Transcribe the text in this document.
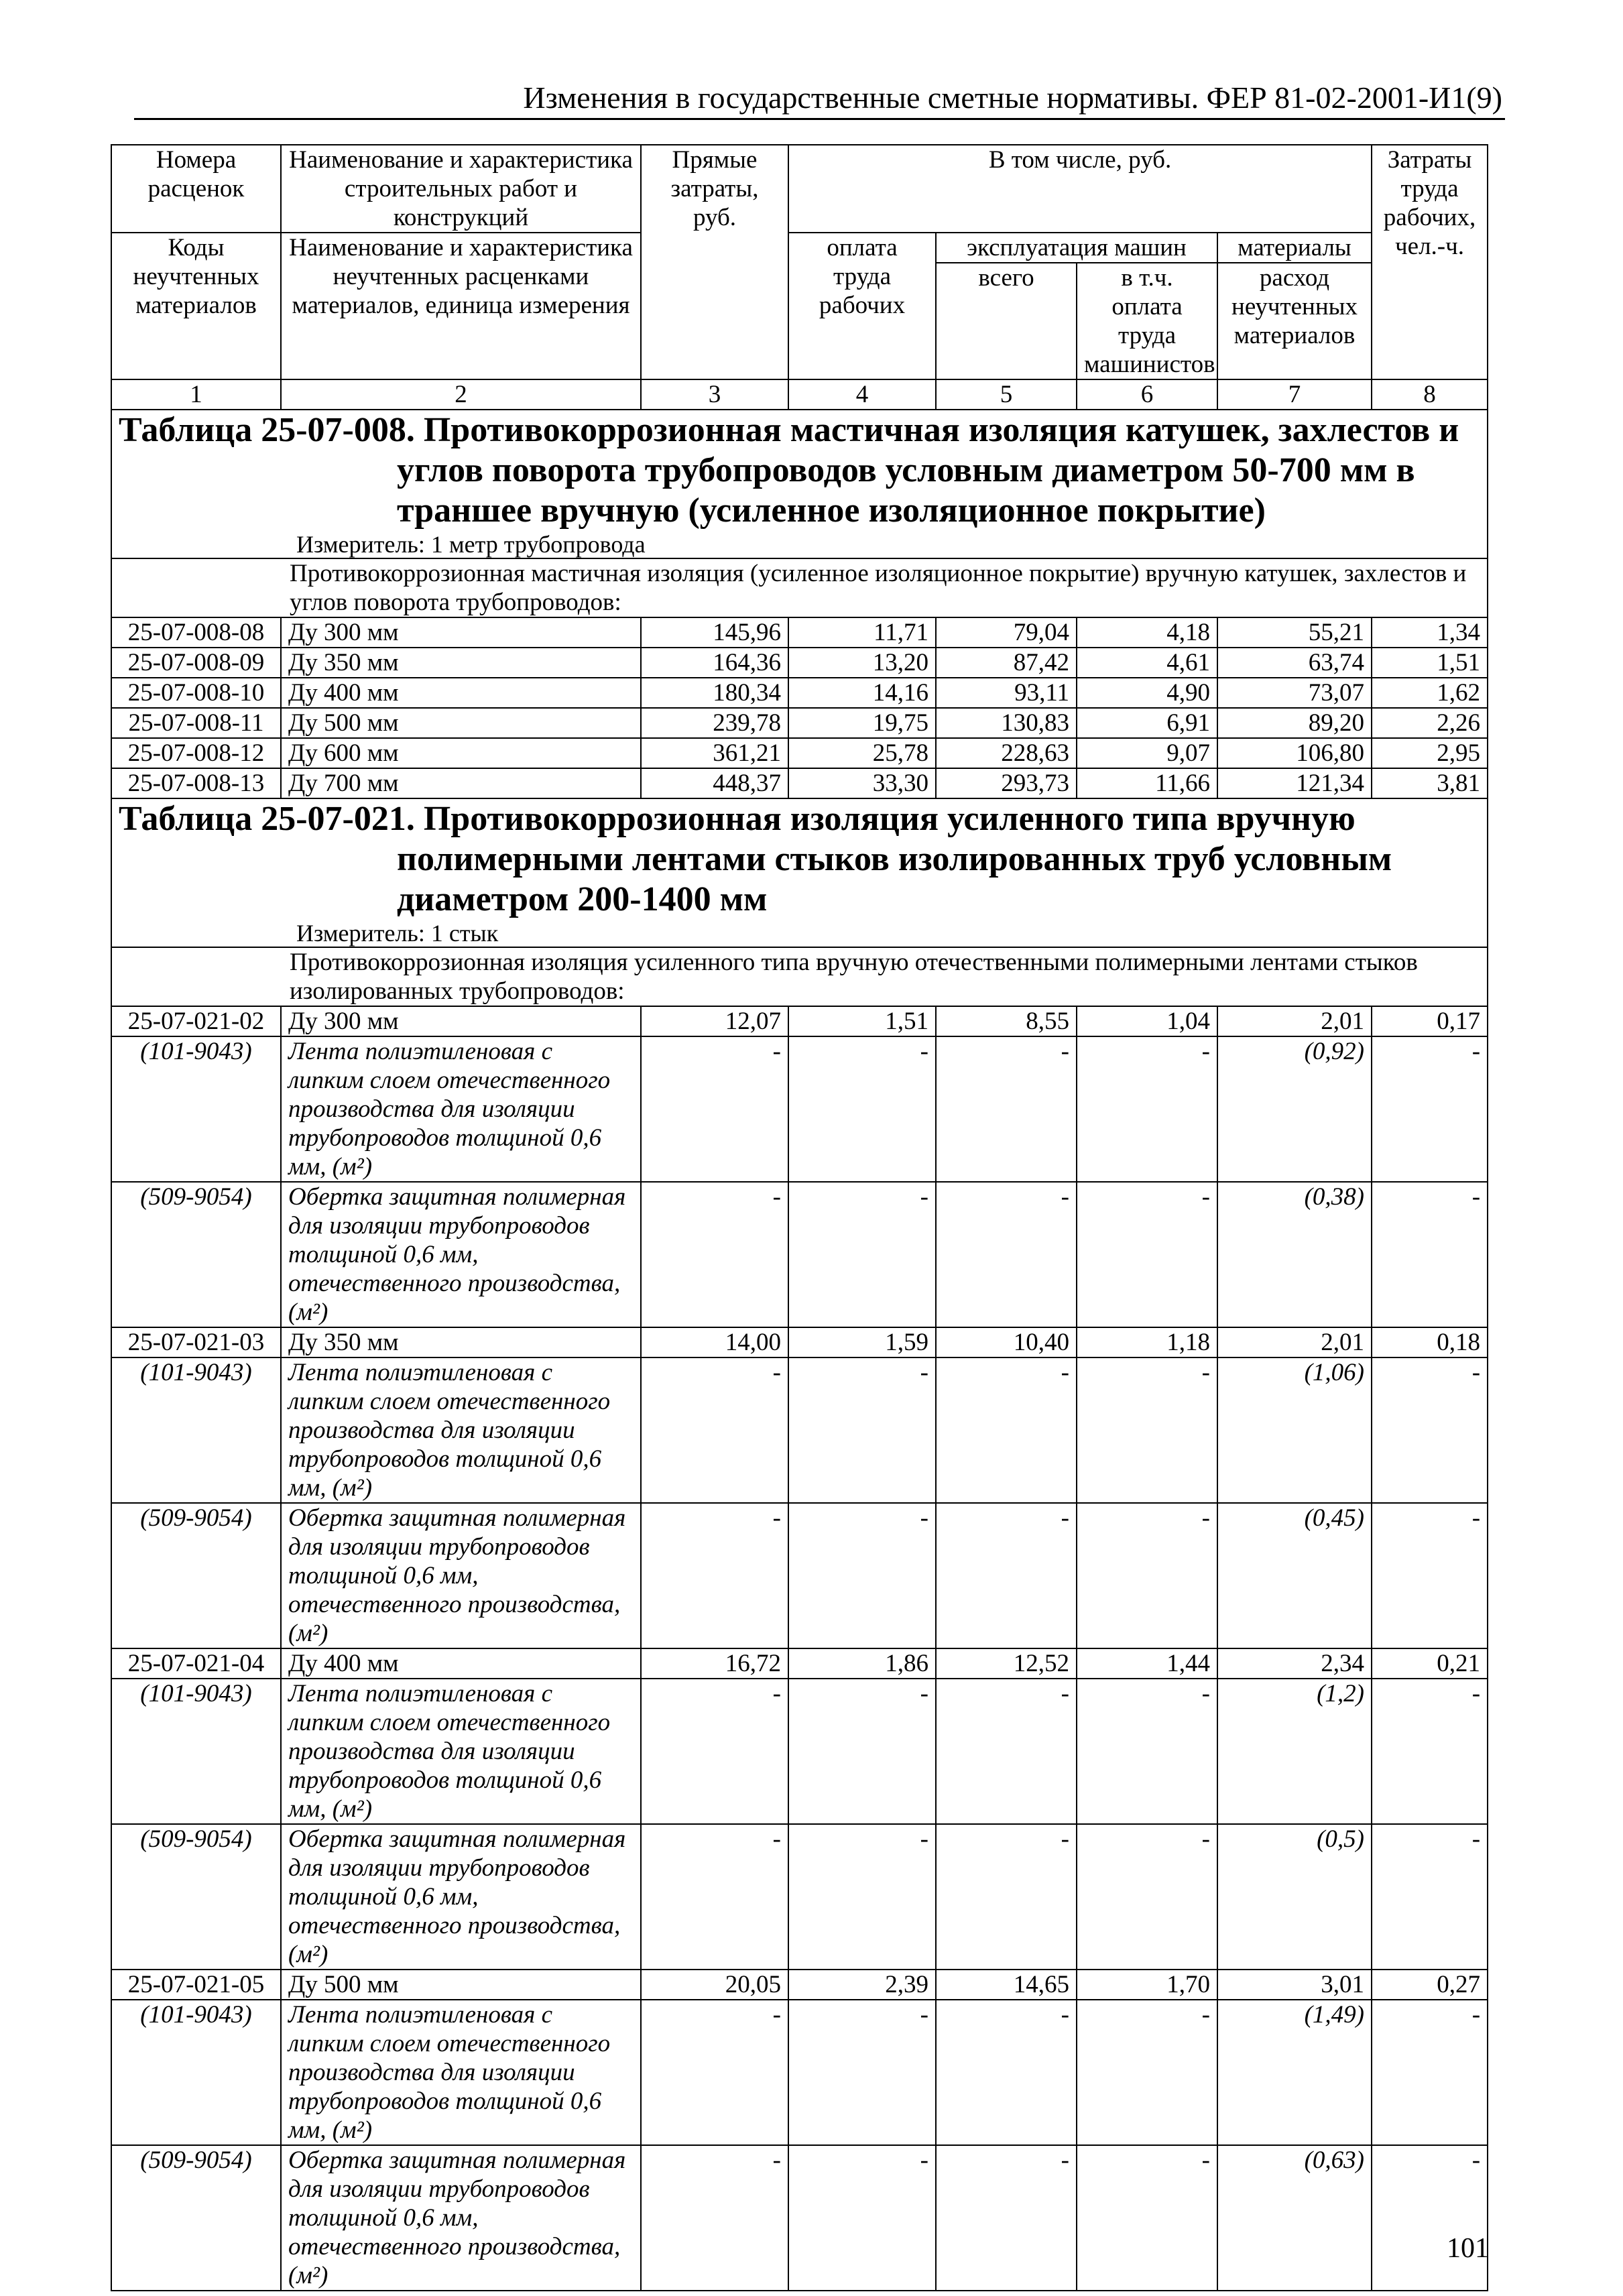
Изменения в государственные сметные нормативы. ФЕР 81-02-2001-И1(9)
Номера расценок	Наименование и характеристика строительных работ и конструкций	Прямые затраты, руб.	В том числе, руб.				Затраты труда рабочих, чел.-ч.
Коды неучтенных материалов	Наименование и характеристика неучтенных расценками материалов, единица измерения		оплата труда рабочих	эксплуатация машин		материалы	
				всего	в т.ч. оплата труда машинистов	расход неучтенных материалов	
1	2	3	4	5	6	7	8

Таблица 25-07-008. Противокоррозионная мастичная изоляция катушек, захлестов и углов поворота трубопроводов условным диаметром 50-700 мм в траншее вручную (усиленное изоляционное покрытие)
Измеритель: 1 метр трубопровода							

Противокоррозионная мастичная изоляция (усиленное изоляционное покрытие) вручную катушек, захлестов и углов поворота трубопроводов:							
25-07-008-08	Ду 300 мм	145,96	11,71	79,04	4,18	55,21	1,34
25-07-008-09	Ду 350 мм	164,36	13,20	87,42	4,61	63,74	1,51
25-07-008-10	Ду 400 мм	180,34	14,16	93,11	4,90	73,07	1,62
25-07-008-11	Ду 500 мм	239,78	19,75	130,83	6,91	89,20	2,26
25-07-008-12	Ду 600 мм	361,21	25,78	228,63	9,07	106,80	2,95
25-07-008-13	Ду 700 мм	448,37	33,30	293,73	11,66	121,34	3,81

Таблица 25-07-021. Противокоррозионная изоляция усиленного типа вручную полимерными лентами стыков изолированных труб условным диаметром 200-1400 мм
Измеритель: 1 стык							

Противокоррозионная изоляция усиленного типа вручную отечественными полимерными лентами стыков изолированных трубопроводов:							
25-07-021-02	Ду 300 мм	12,07	1,51	8,55	1,04	2,01	0,17
(101-9043)	Лента полиэтиленовая с липким слоем отечественного производства для изоляции трубопроводов толщиной 0,6 мм, (м²)	-	-	-	-	(0,92)	-
(509-9054)	Обертка защитная полимерная для изоляции трубопроводов толщиной 0,6 мм, отечественного производства, (м²)	-	-	-	-	(0,38)	-
25-07-021-03	Ду 350 мм	14,00	1,59	10,40	1,18	2,01	0,18
(101-9043)	Лента полиэтиленовая с липким слоем отечественного производства для изоляции трубопроводов толщиной 0,6 мм, (м²)	-	-	-	-	(1,06)	-
(509-9054)	Обертка защитная полимерная для изоляции трубопроводов толщиной 0,6 мм, отечественного производства, (м²)	-	-	-	-	(0,45)	-
25-07-021-04	Ду 400 мм	16,72	1,86	12,52	1,44	2,34	0,21
(101-9043)	Лента полиэтиленовая с липким слоем отечественного производства для изоляции трубопроводов толщиной 0,6 мм, (м²)	-	-	-	-	(1,2)	-
(509-9054)	Обертка защитная полимерная для изоляции трубопроводов толщиной 0,6 мм, отечественного производства, (м²)	-	-	-	-	(0,5)	-
25-07-021-05	Ду 500 мм	20,05	2,39	14,65	1,70	3,01	0,27
(101-9043)	Лента полиэтиленовая с липким слоем отечественного производства для изоляции трубопроводов толщиной 0,6 мм, (м²)	-	-	-	-	(1,49)	-
(509-9054)	Обертка защитная полимерная для изоляции трубопроводов толщиной 0,6 мм, отечественного производства, (м²)	-	-	-	-	(0,63)	-
101
